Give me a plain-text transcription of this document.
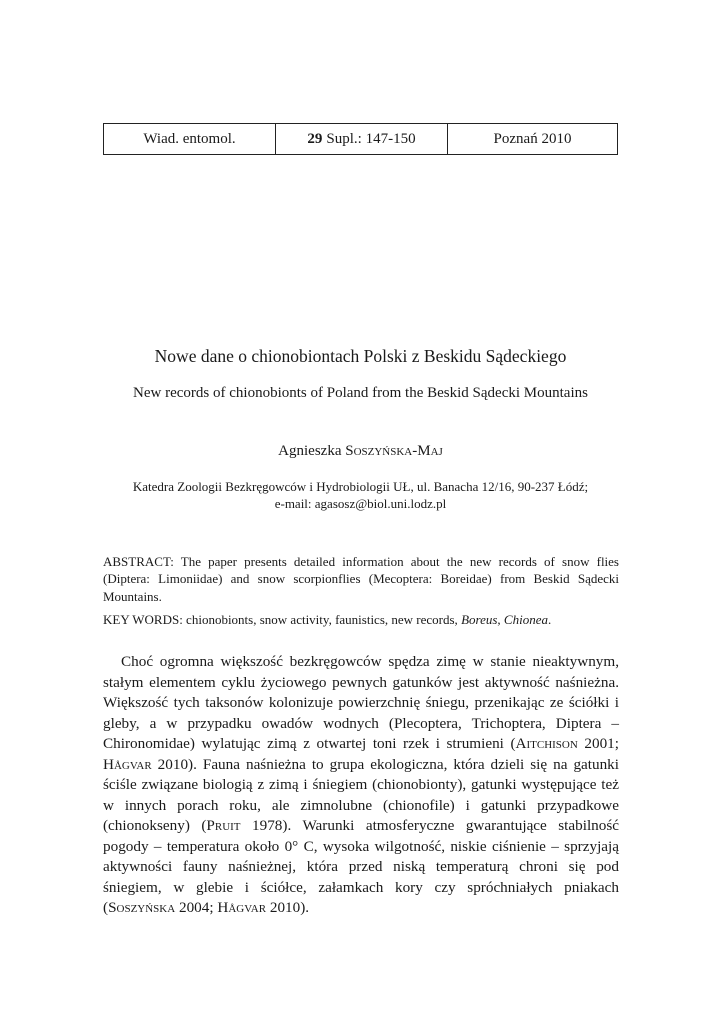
Wiad. entomol.	29 Supl.: 147-150	Poznań 2010
Nowe dane o chionobiontach Polski z Beskidu Sądeckiego
New records of chionobionts of Poland from the Beskid Sądecki Mountains
Agnieszka Soszyńska-Maj
Katedra Zoologii Bezkręgowców i Hydrobiologii UŁ, ul. Banacha 12/16, 90-237 Łódź;
e-mail: agasosz@biol.uni.lodz.pl
ABSTRACT: The paper presents detailed information about the new records of snow flies (Diptera: Limoniidae) and snow scorpionflies (Mecoptera: Boreidae) from Beskid Sądecki Mountains.
KEY WORDS: chionobionts, snow activity, faunistics, new records, Boreus, Chionea.

Choć ogromna większość bezkręgowców spędza zimę w stanie nieaktywnym, stałym elementem cyklu życiowego pewnych gatunków jest aktywność naśnieżna. Większość tych taksonów kolonizuje powierzchnię śniegu, przenikając ze ściółki i gleby, a w przypadku owadów wodnych (Plecoptera, Trichoptera, Diptera – Chironomidae) wylatując zimą z otwartej toni rzek i strumieni (Aitchison 2001; Hågvar 2010). Fauna naśnieżna to grupa ekologiczna, która dzieli się na gatunki ściśle związane biologią z zimą i śniegiem (chionobionty), gatunki występujące też w innych porach roku, ale zimnolubne (chionofile) i gatunki przypadkowe (chionokseny) (Pruit 1978). Warunki atmosferyczne gwarantujące stabilność pogody – temperatura około 0° C, wysoka wilgotność, niskie ciśnienie – sprzyjają aktywności fauny naśnieżnej, która przed niską temperaturą chroni się pod śniegiem, w glebie i ściółce, załamkach kory czy spróchniałych pniakach (Soszyńska 2004; Hågvar 2010).
